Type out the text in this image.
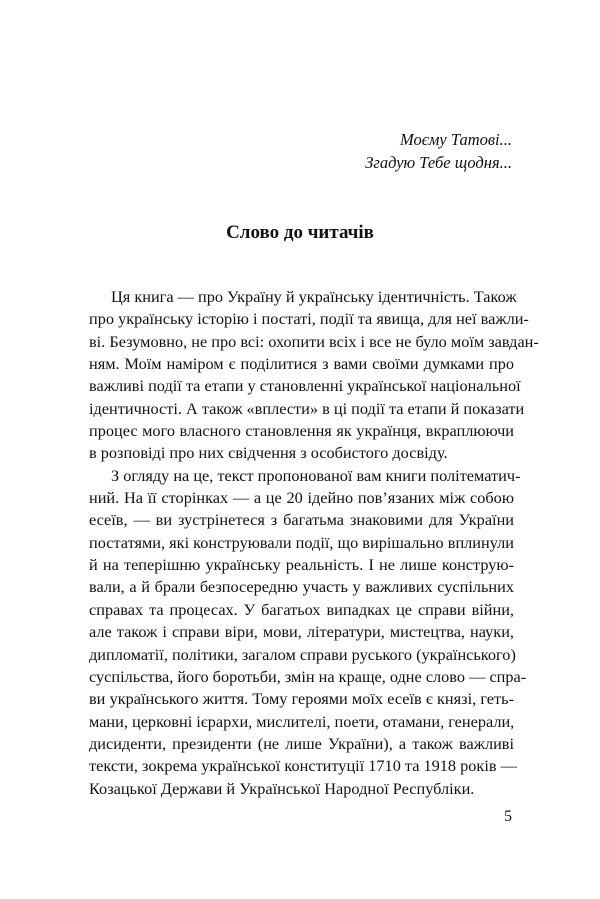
Моєму Татові...
Згадую Тебе щодня...
Слово до читачів
Ця книга — про Україну й українську ідентичність. Також
про українську історію і постаті, події та явища, для неї важли-
ві. Безумовно, не про всі: охопити всіх і все не було моїм завдан-
ням. Моїм наміром є поділитися з вами своїми думками про
важливі події та етапи у становленні української національної
ідентичності. А також «вплести» в ці події та етапи й показати
процес мого власного становлення як українця, вкраплюючи
в розповіді про них свідчення з особистого досвіду.
З огляду на це, текст пропонованої вам книги політематич-
ний. На її сторінках — а це 20 ідейно пов’язаних між собою
есеїв, — ви зустрінетеся з багатьма знаковими для України
постатями, які конструювали події, що вирішально вплинули
й на теперішню українську реальність. І не лише конструю-
вали, а й брали безпосередню участь у важливих суспільних
справах та процесах. У багатьох випадках це справи війни,
але також і справи віри, мови, літератури, мистецтва, науки,
дипломатії, політики, загалом справи руського (українського)
суспільства, його боротьби, змін на краще, одне слово — спра-
ви українського життя. Тому героями моїх есеїв є князі, геть-
мани, церковні ієрархи, мислителі, поети, отамани, генерали,
дисиденти, президенти (не лише України), а також важливі
тексти, зокрема української конституції 1710 та 1918 років —
Козацької Держави й Української Народної Республіки.
5
